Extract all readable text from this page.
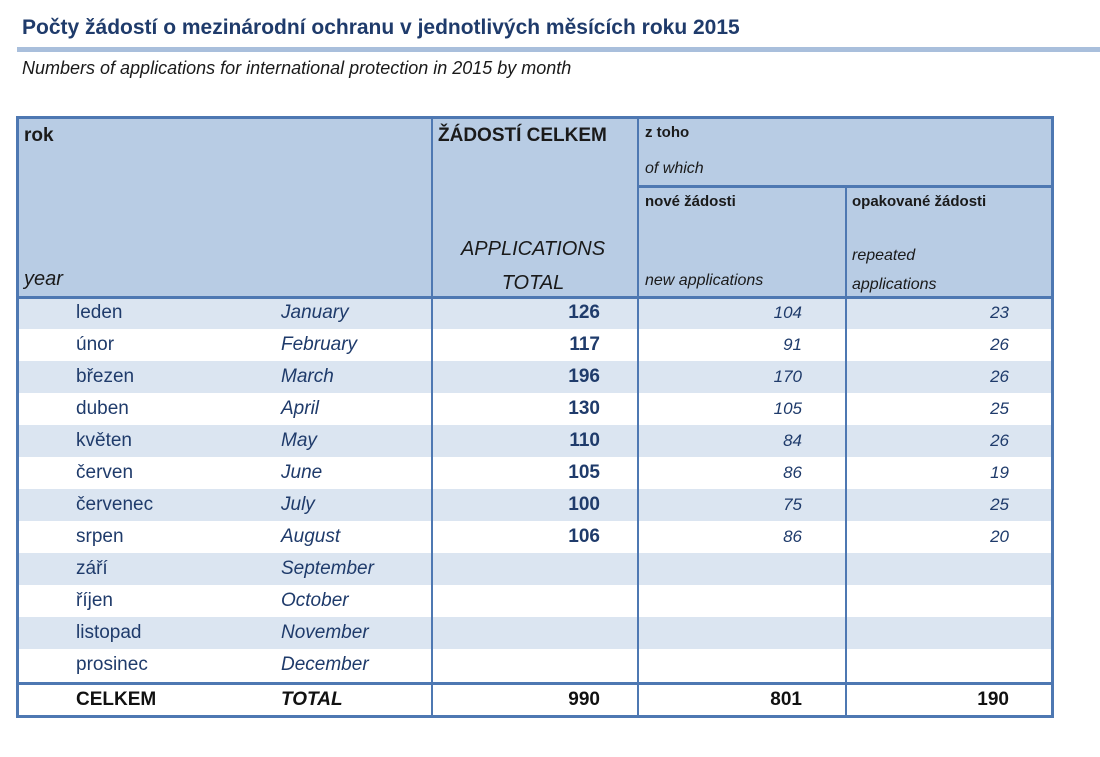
Počty žádostí o mezinárodní ochranu v jednotlivých měsících roku 2015
Numbers of applications for international protection in 2015 by month
rok
year
ŽÁDOSTÍ CELKEM
APPLICATIONS
TOTAL
z toho
of which
nové žádosti
new applications
opakované žádosti
repeated
applications
leden	January	126	104	23
únor	February	117	91	26
březen	March	196	170	26
duben	April	130	105	25
květen	May	110	84	26
červen	June	105	86	19
červenec	July	100	75	25
srpen	August	106	86	20
září	September
říjen	October
listopad	November
prosinec	December
CELKEM	TOTAL	990	801	190
